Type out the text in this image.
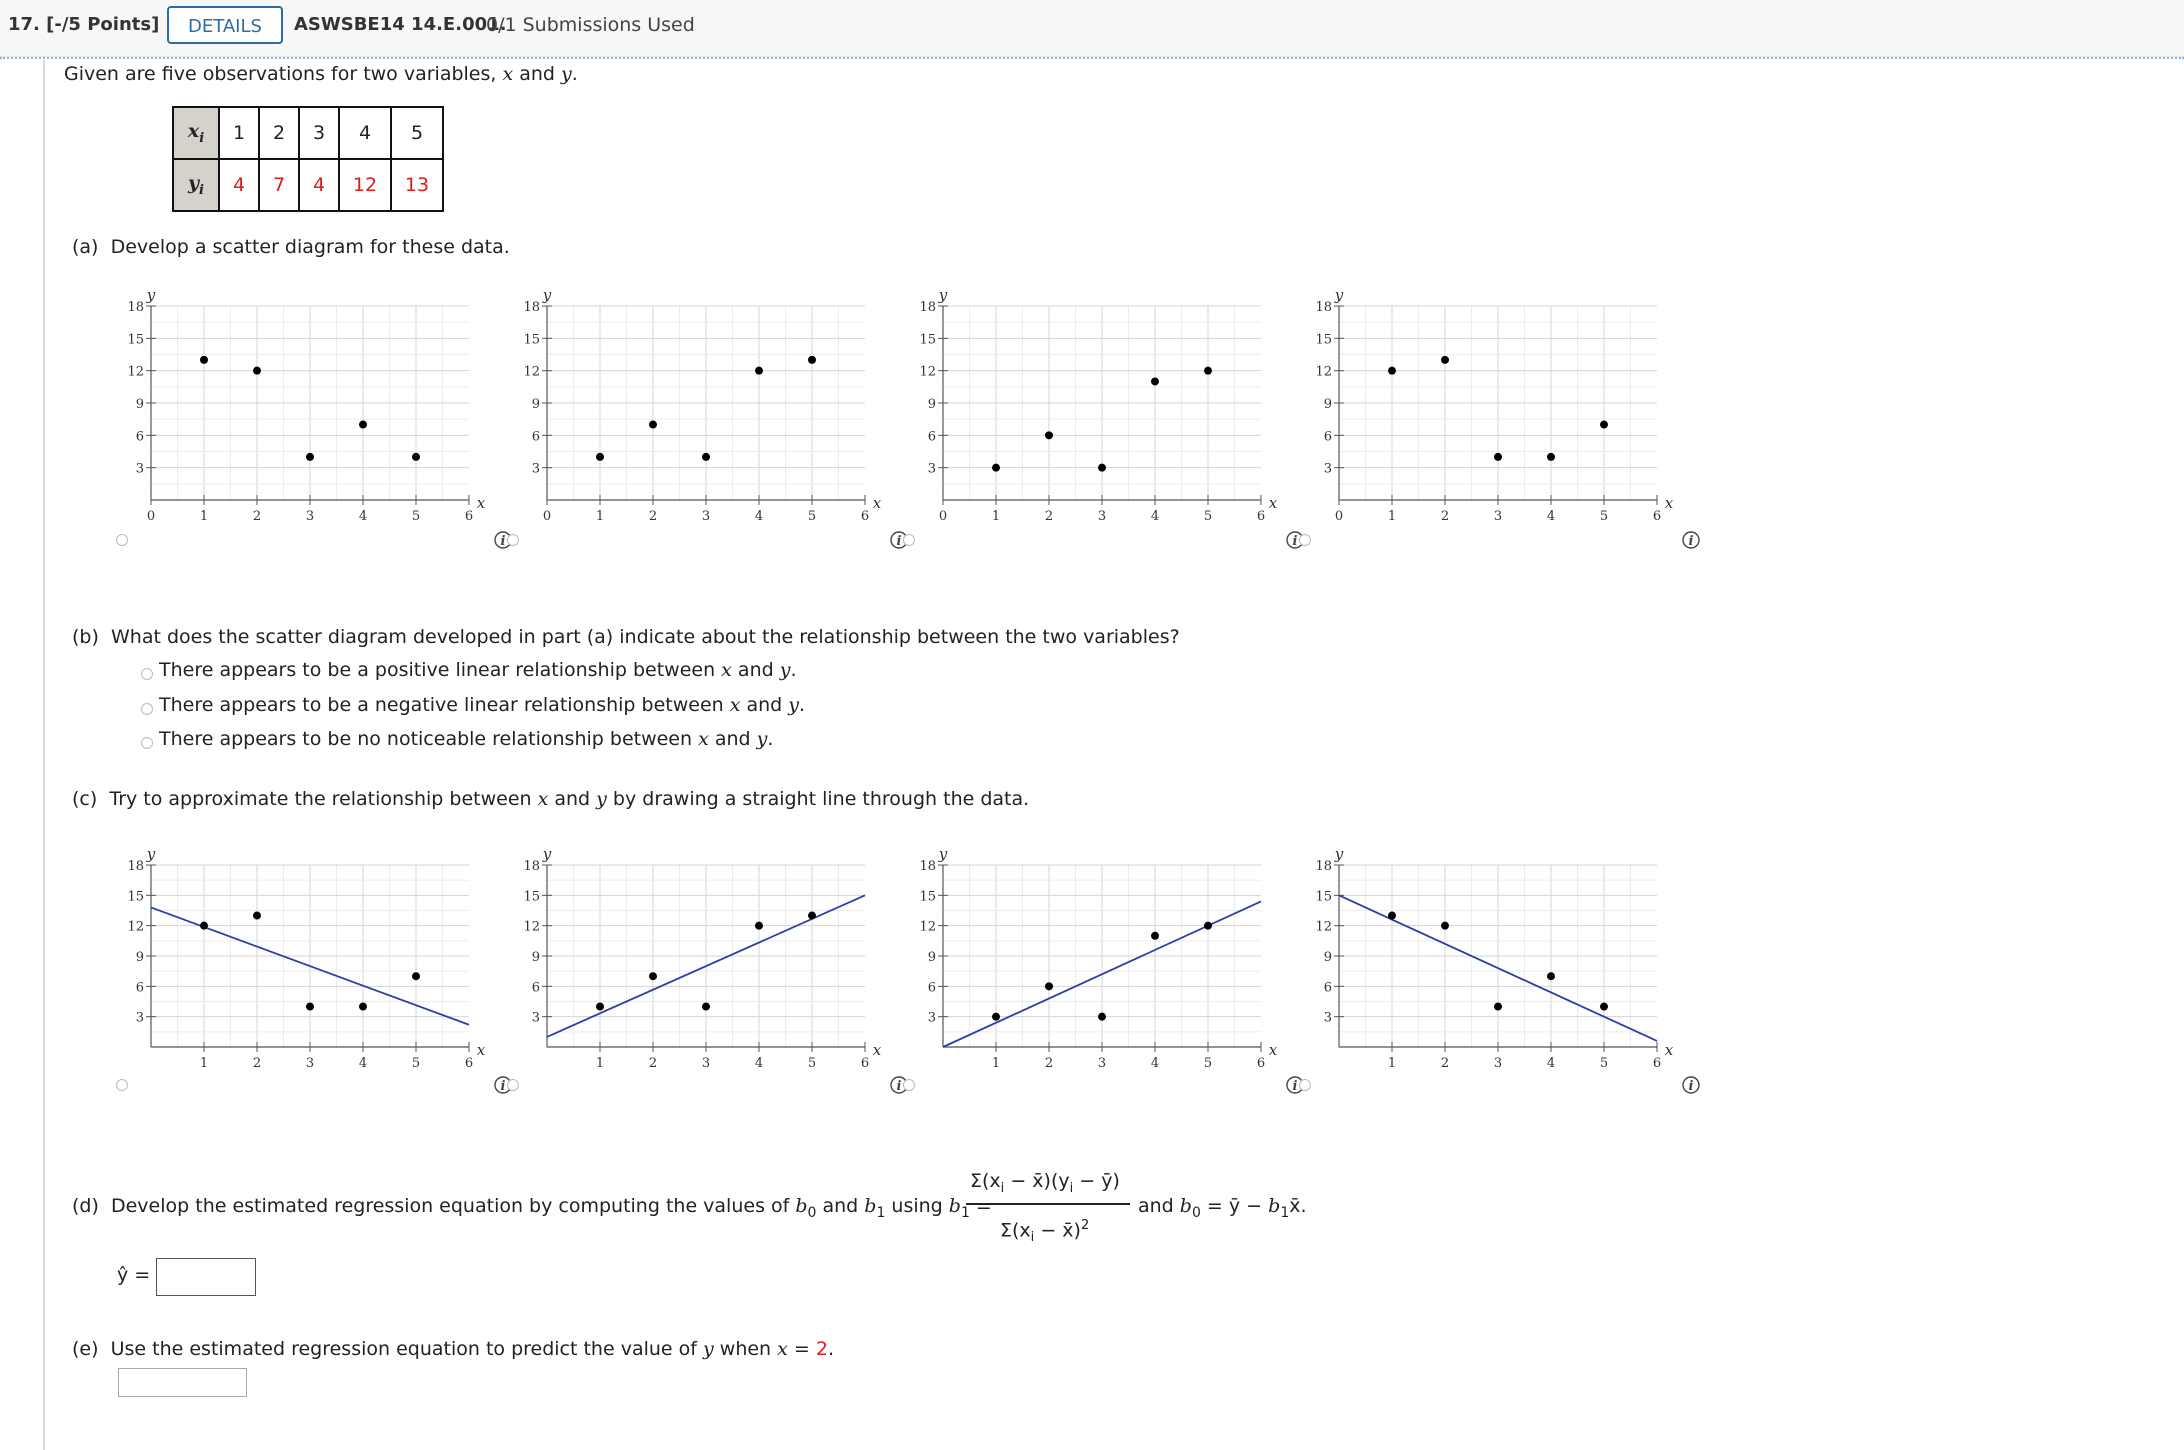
17. [-/5 Points]	DETAILS	ASWSBE14 14.E.001.
0/1 Submissions Used
Given are five observations for two variables, x and y.
$x_i$	1	2	3	4	5
$y_i$	4	7	4	12	13
(a) Develop a scatter diagram for these data.
(b) What does the scatter diagram developed in part (a) indicate about the relationship between the two variables?
There appears to be a positive linear relationship between x and y.
There appears to be a negative linear relationship between x and y.
There appears to be no noticeable relationship between x and y.
(c) Try to approximate the relationship between x and y by drawing a straight line through the data.
(d) Develop the estimated regression equation by computing the values of $b_0$ and $b_1$ using $b_1$ =
$\Sigma(x_i$ − $x̄)(y_i$ − ȳ)
$\Sigma(x_i$ − x̄)$^2$
and $b_0$ = ȳ − $b_1x̄$.
ŷ =
(e) Use the estimated regression equation to predict the value of y when x = 2.
3
6
9
12
15
18
0	1	2	3	4	5	6
y
x
i
3
6
9
12
15
18
0	1	2	3	4	5	6
y
x
i
3
6
9
12
15
18
0	1	2	3	4	5	6
y
x
i
3
6
9
12
15
18
0	1	2	3	4	5	6
y
x
i
3
6
9
12
15
18
1	2	3	4	5	6
y
x
i
3
6
9
12
15
18
1	2	3	4	5	6
y
x
i
3
6
9
12
15
18
1	2	3	4	5	6
y
x
i
3
6
9
12
15
18
1	2	3	4	5	6
y
x
i
